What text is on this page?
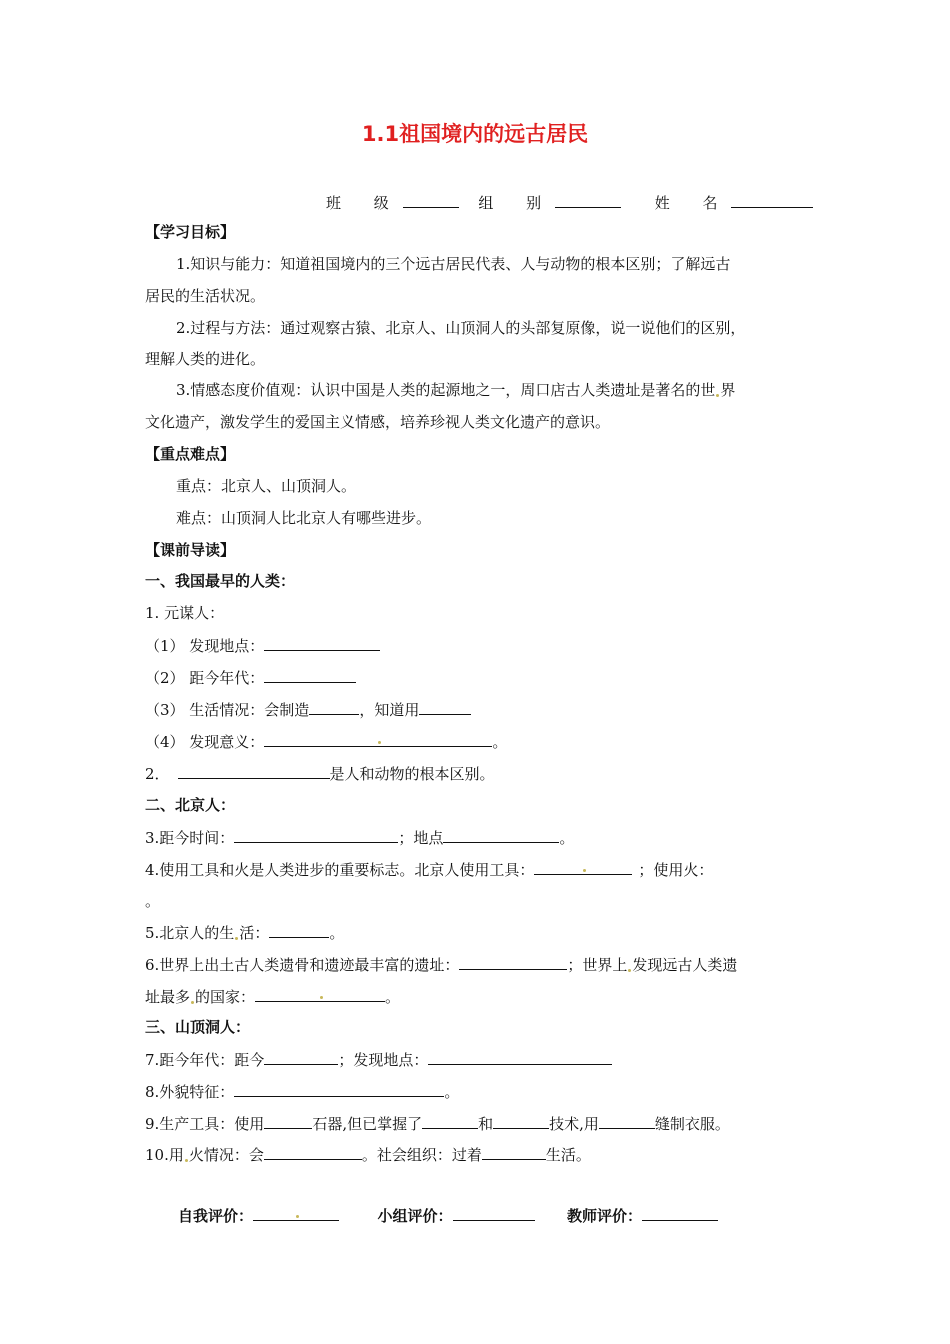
1.1祖国境内的远古居民
班 级	组 别	姓 名
【学习目标】
1.知识与能力：知道祖国境内的三个远古居民代表、人与动物的根本区别；了解远古
居民的生活状况。
2.过程与方法：通过观察古猿、北京人、山顶洞人的头部复原像，说一说他们的区别，
理解人类的进化。
3.情感态度价值观：认识中国是人类的起源地之一，周口店古人类遗址是著名的世 界
文化遗产，激发学生的爱国主义情感，培养珍视人类文化遗产的意识。
【重点难点】
重点：北京人、山顶洞人。
难点：山顶洞人比北京人有哪些进步。
【课前导读】
一、我国最早的人类：
1. 元谋人：
（1） 发现地点：
（2） 距今年代：
（3） 生活情况：会制造	，知道用
（4） 发现意义：	。
2．	是人和动物的根本区别。
二、北京人：
3.距今时间：	；地点	。
4.使用工具和火是人类进步的重要标志。北京人使用工具：	；使用火：
。
5.北京人的生 活：	。
6.世界上出土古人类遗骨和遗迹最丰富的遗址：	；世界上 发现远古人类遗
址最多 的国家：	。
三、山顶洞人：
7.距今年代：距今	；发现地点：
8.外貌特征：	。
9.生产工具：使用	石器,但已掌握了	和	技术,用	缝制衣服。
10.用 火情况：会	。社会组织：过着	生活。
自我评价：	小组评价：	教师评价：
